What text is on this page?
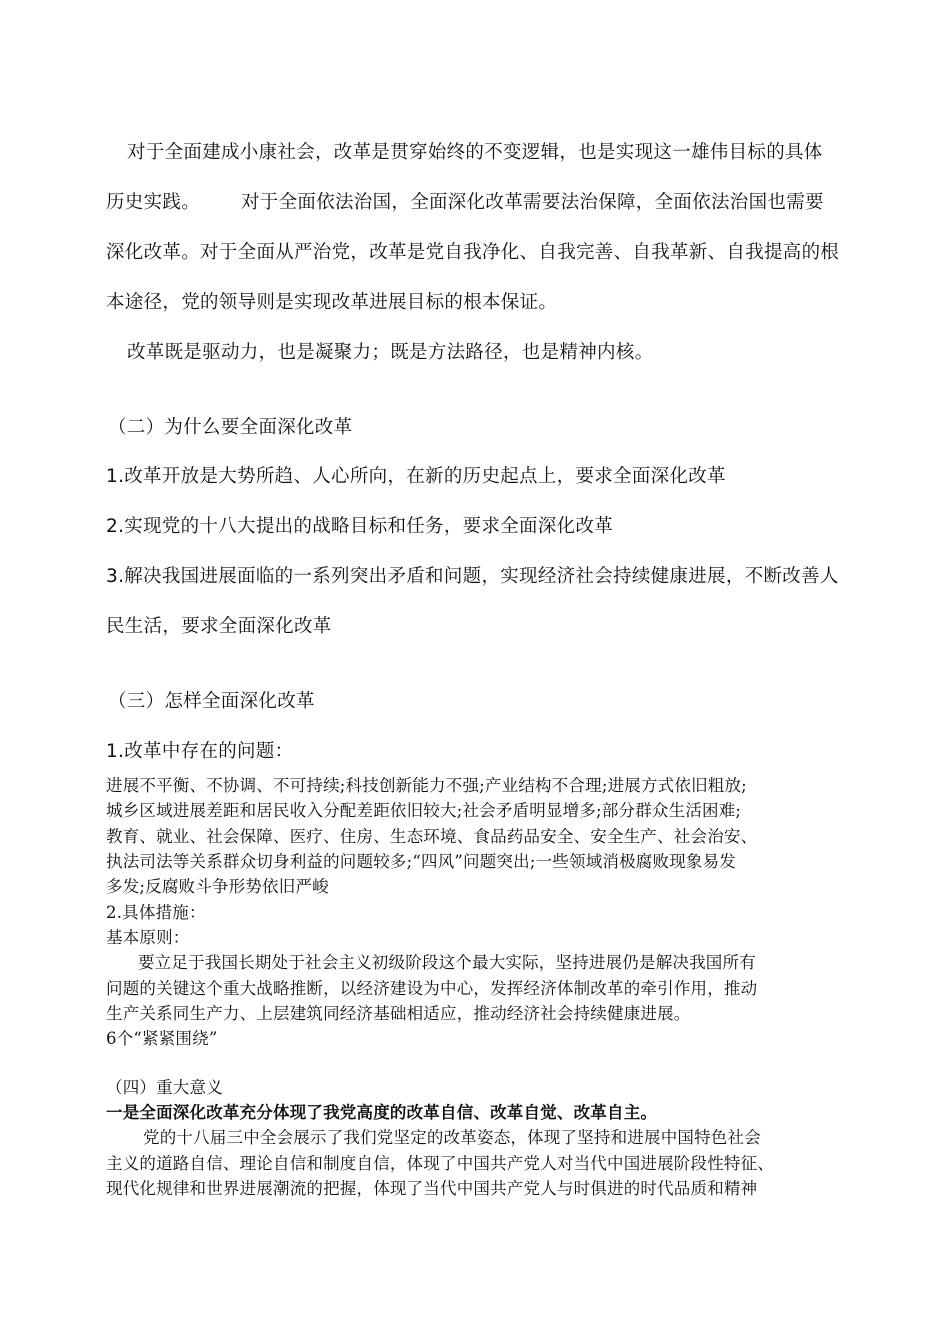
对于全面建成小康社会，改革是贯穿始终的不变逻辑，也是实现这一雄伟目标的具体

历史实践。 对于全面依法治国，全面深化改革需要法治保障，全面依法治国也需要

深化改革。对于全面从严治党，改革是党自我净化、自我完善、自我革新、自我提高的根

本途径，党的领导则是实现改革进展目标的根本保证。

改革既是驱动力，也是凝聚力；既是方法路径，也是精神内核。

（二）为什么要全面深化改革

1.改革开放是大势所趋、人心所向，在新的历史起点上，要求全面深化改革

2.实现党的十八大提出的战略目标和任务，要求全面深化改革

3.解决我国进展面临的一系列突出矛盾和问题，实现经济社会持续健康进展，不断改善人

民生活，要求全面深化改革

（三）怎样全面深化改革

1.改革中存在的问题：

进展不平衡、不协调、不可持续;科技创新能力不强;产业结构不合理;进展方式依旧粗放;

城乡区域进展差距和居民收入分配差距依旧较大;社会矛盾明显增多;部分群众生活困难;

教育、就业、社会保障、医疗、住房、生态环境、食品药品安全、安全生产、社会治安、

执法司法等关系群众切身利益的问题较多;“四风”问题突出;一些领域消极腐败现象易发

多发;反腐败斗争形势依旧严峻

2.具体措施：

基本原则：

要立足于我国长期处于社会主义初级阶段这个最大实际，坚持进展仍是解决我国所有

问题的关键这个重大战略推断，以经济建设为中心，发挥经济体制改革的牵引作用，推动

生产关系同生产力、上层建筑同经济基础相适应，推动经济社会持续健康进展。

6个“紧紧围绕”

（四）重大意义

一是全面深化改革充分体现了我党高度的改革自信、改革自觉、改革自主。

党的十八届三中全会展示了我们党坚定的改革姿态，体现了坚持和进展中国特色社会

主义的道路自信、理论自信和制度自信，体现了中国共产党人对当代中国进展阶段性特征、

现代化规律和世界进展潮流的把握，体现了当代中国共产党人与时俱进的时代品质和精神
